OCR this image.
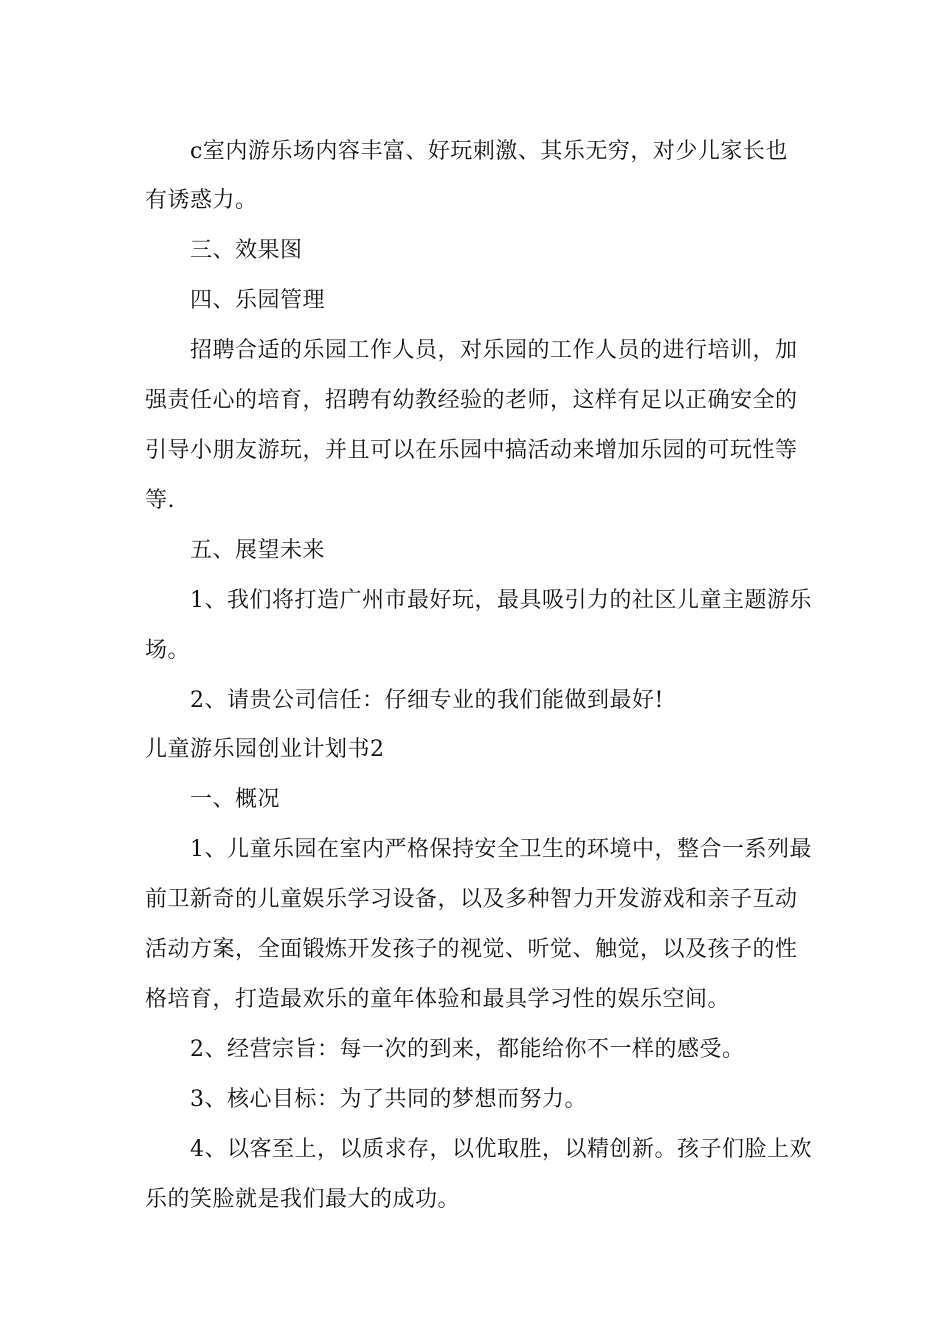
c室内游乐场内容丰富、好玩刺激、其乐无穷，对少儿家长也
有诱惑力。
三、效果图
四、乐园管理
招聘合适的乐园工作人员，对乐园的工作人员的进行培训，加
强责任心的培育，招聘有幼教经验的老师，这样有足以正确安全的
引导小朋友游玩，并且可以在乐园中搞活动来增加乐园的可玩性等
等.
五、展望未来
1、我们将打造广州市最好玩，最具吸引力的社区儿童主题游乐
场。
2、请贵公司信任：仔细专业的我们能做到最好!
儿童游乐园创业计划书2
一、概况
1、儿童乐园在室内严格保持安全卫生的环境中，整合一系列最
前卫新奇的儿童娱乐学习设备，以及多种智力开发游戏和亲子互动
活动方案，全面锻炼开发孩子的视觉、听觉、触觉，以及孩子的性
格培育，打造最欢乐的童年体验和最具学习性的娱乐空间。
2、经营宗旨：每一次的到来，都能给你不一样的感受。
3、核心目标：为了共同的梦想而努力。
4、以客至上，以质求存，以优取胜，以精创新。孩子们脸上欢
乐的笑脸就是我们最大的成功。
